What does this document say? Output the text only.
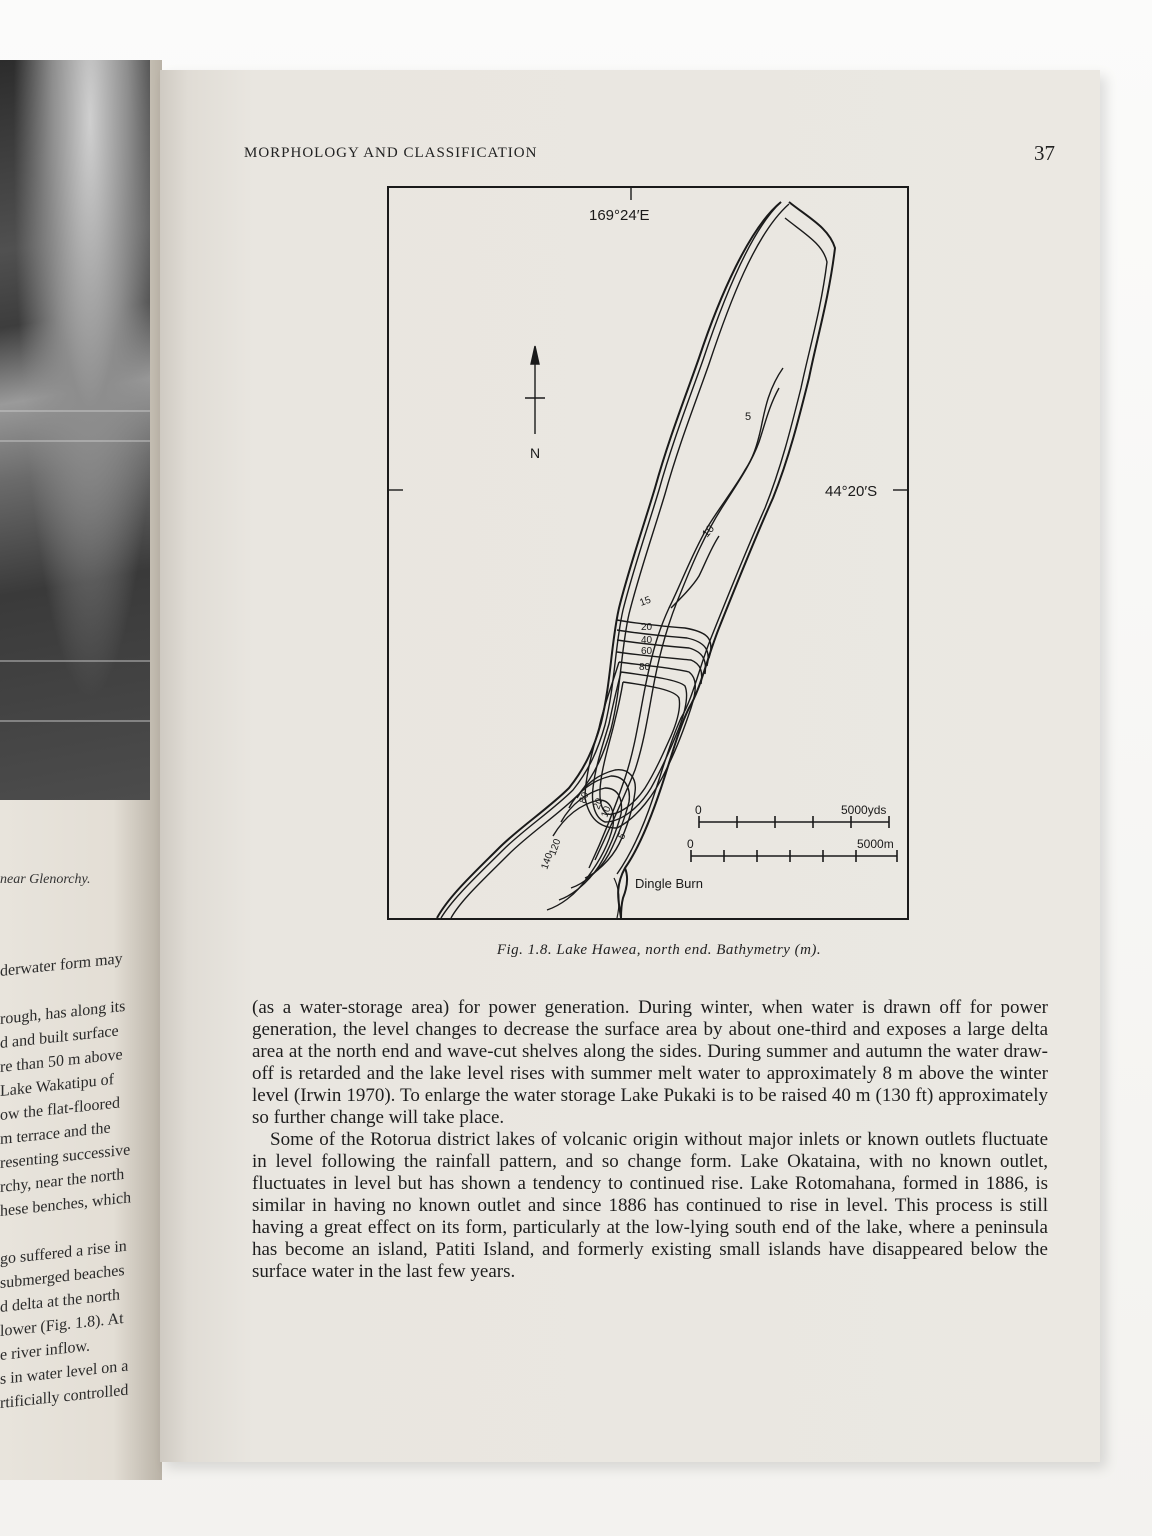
near Glenorchy.
derwater form may

rough, has along its
d and built surface
re than 50 m above
Lake Wakatipu of
ow the flat-floored
m terrace and the
resenting successive
rchy, near the north
hese benches, which

go suffered a rise in
submerged beaches
d delta at the north
lower (Fig. 1.8). At
e river inflow.
s in water level on a
rtificially controlled
MORPHOLOGY AND CLASSIFICATION	37
169°24′E
44°20′S
N
5
10
15
20
40
60
80
80 20
10
5
120
140
Dingle Burn
0	5000yds
0	5000m
Fig. 1.8. Lake Hawea, north end. Bathymetry (m).

(as a water-storage area) for power generation. During winter, when water is drawn off for power generation, the level changes to decrease the surface area by about one-third and exposes a large delta area at the north end and wave-cut shelves along the sides. During summer and autumn the water draw-off is retarded and the lake level rises with summer melt water to approximately 8 m above the winter level (Irwin 1970). To enlarge the water storage Lake Pukaki is to be raised 40 m (130 ft) approximately so further change will take place.

Some of the Rotorua district lakes of volcanic origin without major inlets or known outlets fluctuate in level following the rainfall pattern, and so change form. Lake Okataina, with no known outlet, fluctuates in level but has shown a tendency to continued rise. Lake Rotomahana, formed in 1886, is similar in having no known outlet and since 1886 has continued to rise in level. This process is still having a great effect on its form, particularly at the low-lying south end of the lake, where a peninsula has become an island, Patiti Island, and formerly existing small islands have disappeared below the surface water in the last few years.
